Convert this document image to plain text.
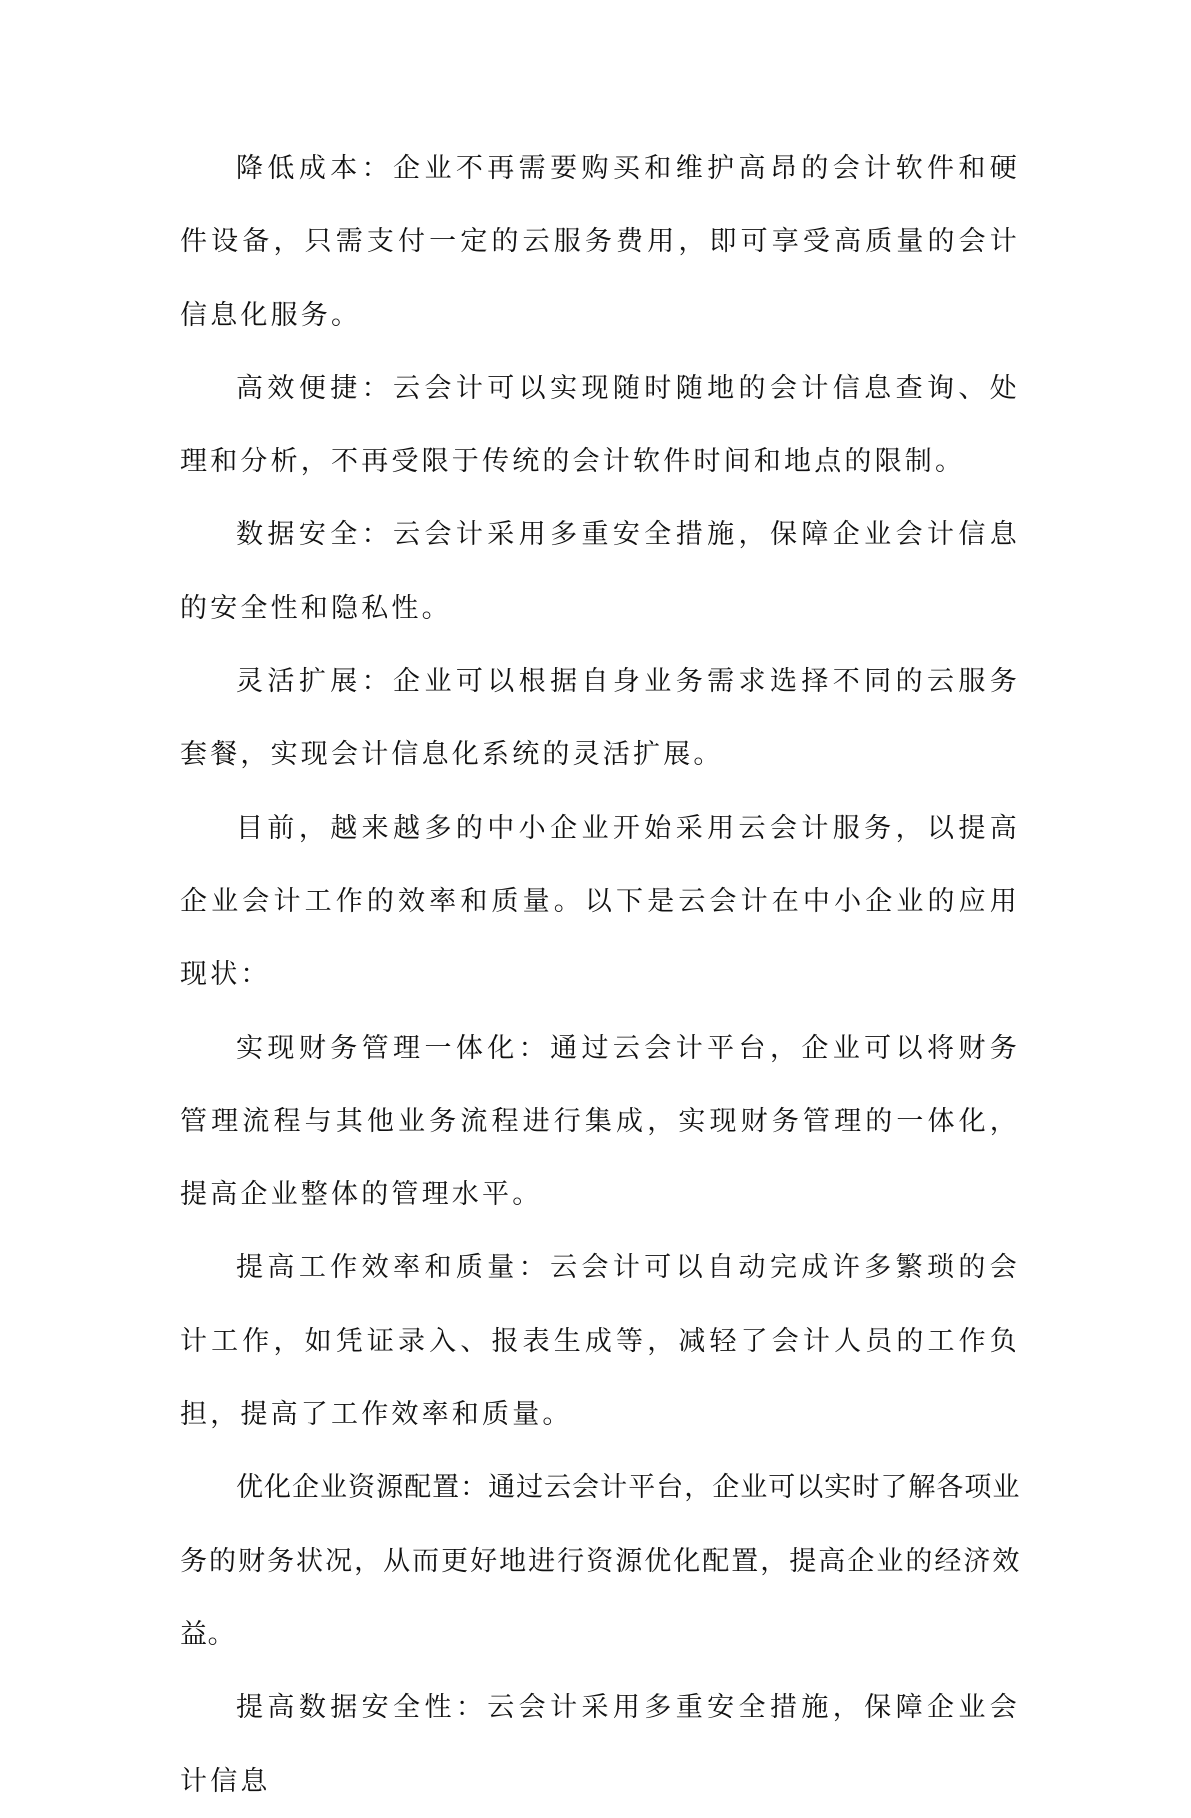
降低成本：企业不再需要购买和维护高昂的会计软件和硬件设备，只需支付一定的云服务费用，即可享受高质量的会计信息化服务。

高效便捷：云会计可以实现随时随地的会计信息查询、处理和分析，不再受限于传统的会计软件时间和地点的限制。

数据安全：云会计采用多重安全措施，保障企业会计信息的安全性和隐私性。

灵活扩展：企业可以根据自身业务需求选择不同的云服务套餐，实现会计信息化系统的灵活扩展。

目前，越来越多的中小企业开始采用云会计服务，以提高企业会计工作的效率和质量。以下是云会计在中小企业的应用现状：

实现财务管理一体化：通过云会计平台，企业可以将财务管理流程与其他业务流程进行集成，实现财务管理的一体化，提高企业整体的管理水平。

提高工作效率和质量：云会计可以自动完成许多繁琐的会计工作，如凭证录入、报表生成等，减轻了会计人员的工作负担，提高了工作效率和质量。

优化企业资源配置：通过云会计平台，企业可以实时了解各项业务的财务状况，从而更好地进行资源优化配置，提高企业的经济效益。

提高数据安全性：云会计采用多重安全措施，保障企业会计信息
